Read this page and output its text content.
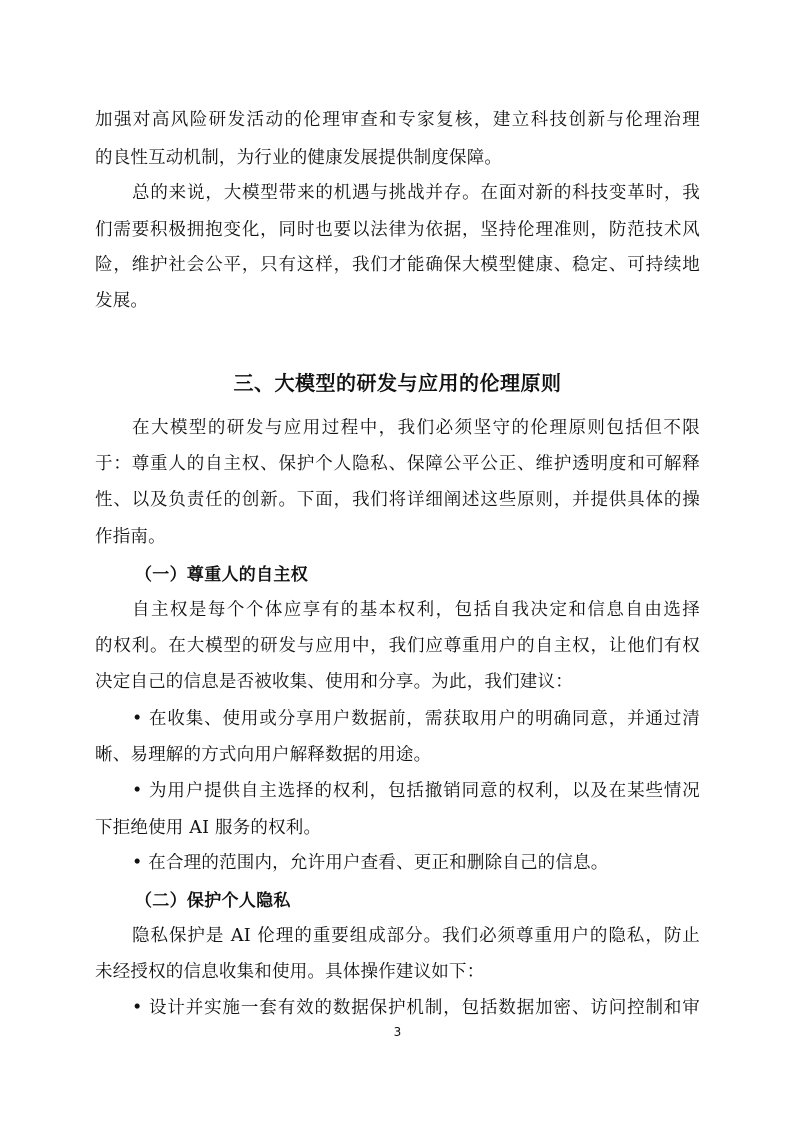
加强对高风险研发活动的伦理审查和专家复核，建立科技创新与伦理治理
的良性互动机制，为行业的健康发展提供制度保障。
总的来说，大模型带来的机遇与挑战并存。在面对新的科技变革时，我
们需要积极拥抱变化，同时也要以法律为依据，坚持伦理准则，防范技术风
险，维护社会公平，只有这样，我们才能确保大模型健康、稳定、可持续地
发展。
三、大模型的研发与应用的伦理原则
在大模型的研发与应用过程中，我们必须坚守的伦理原则包括但不限
于：尊重人的自主权、保护个人隐私、保障公平公正、维护透明度和可解释
性、以及负责任的创新。下面，我们将详细阐述这些原则，并提供具体的操
作指南。
（一）尊重人的自主权
自主权是每个个体应享有的基本权利，包括自我决定和信息自由选择
的权利。在大模型的研发与应用中，我们应尊重用户的自主权，让他们有权
决定自己的信息是否被收集、使用和分享。为此，我们建议：
• 在收集、使用或分享用户数据前，需获取用户的明确同意，并通过清
晰、易理解的方式向用户解释数据的用途。
• 为用户提供自主选择的权利，包括撤销同意的权利，以及在某些情况
下拒绝使用 AI 服务的权利。
• 在合理的范围内，允许用户查看、更正和删除自己的信息。
（二）保护个人隐私
隐私保护是 AI 伦理的重要组成部分。我们必须尊重用户的隐私，防止
未经授权的信息收集和使用。具体操作建议如下：
• 设计并实施一套有效的数据保护机制，包括数据加密、访问控制和审
3
